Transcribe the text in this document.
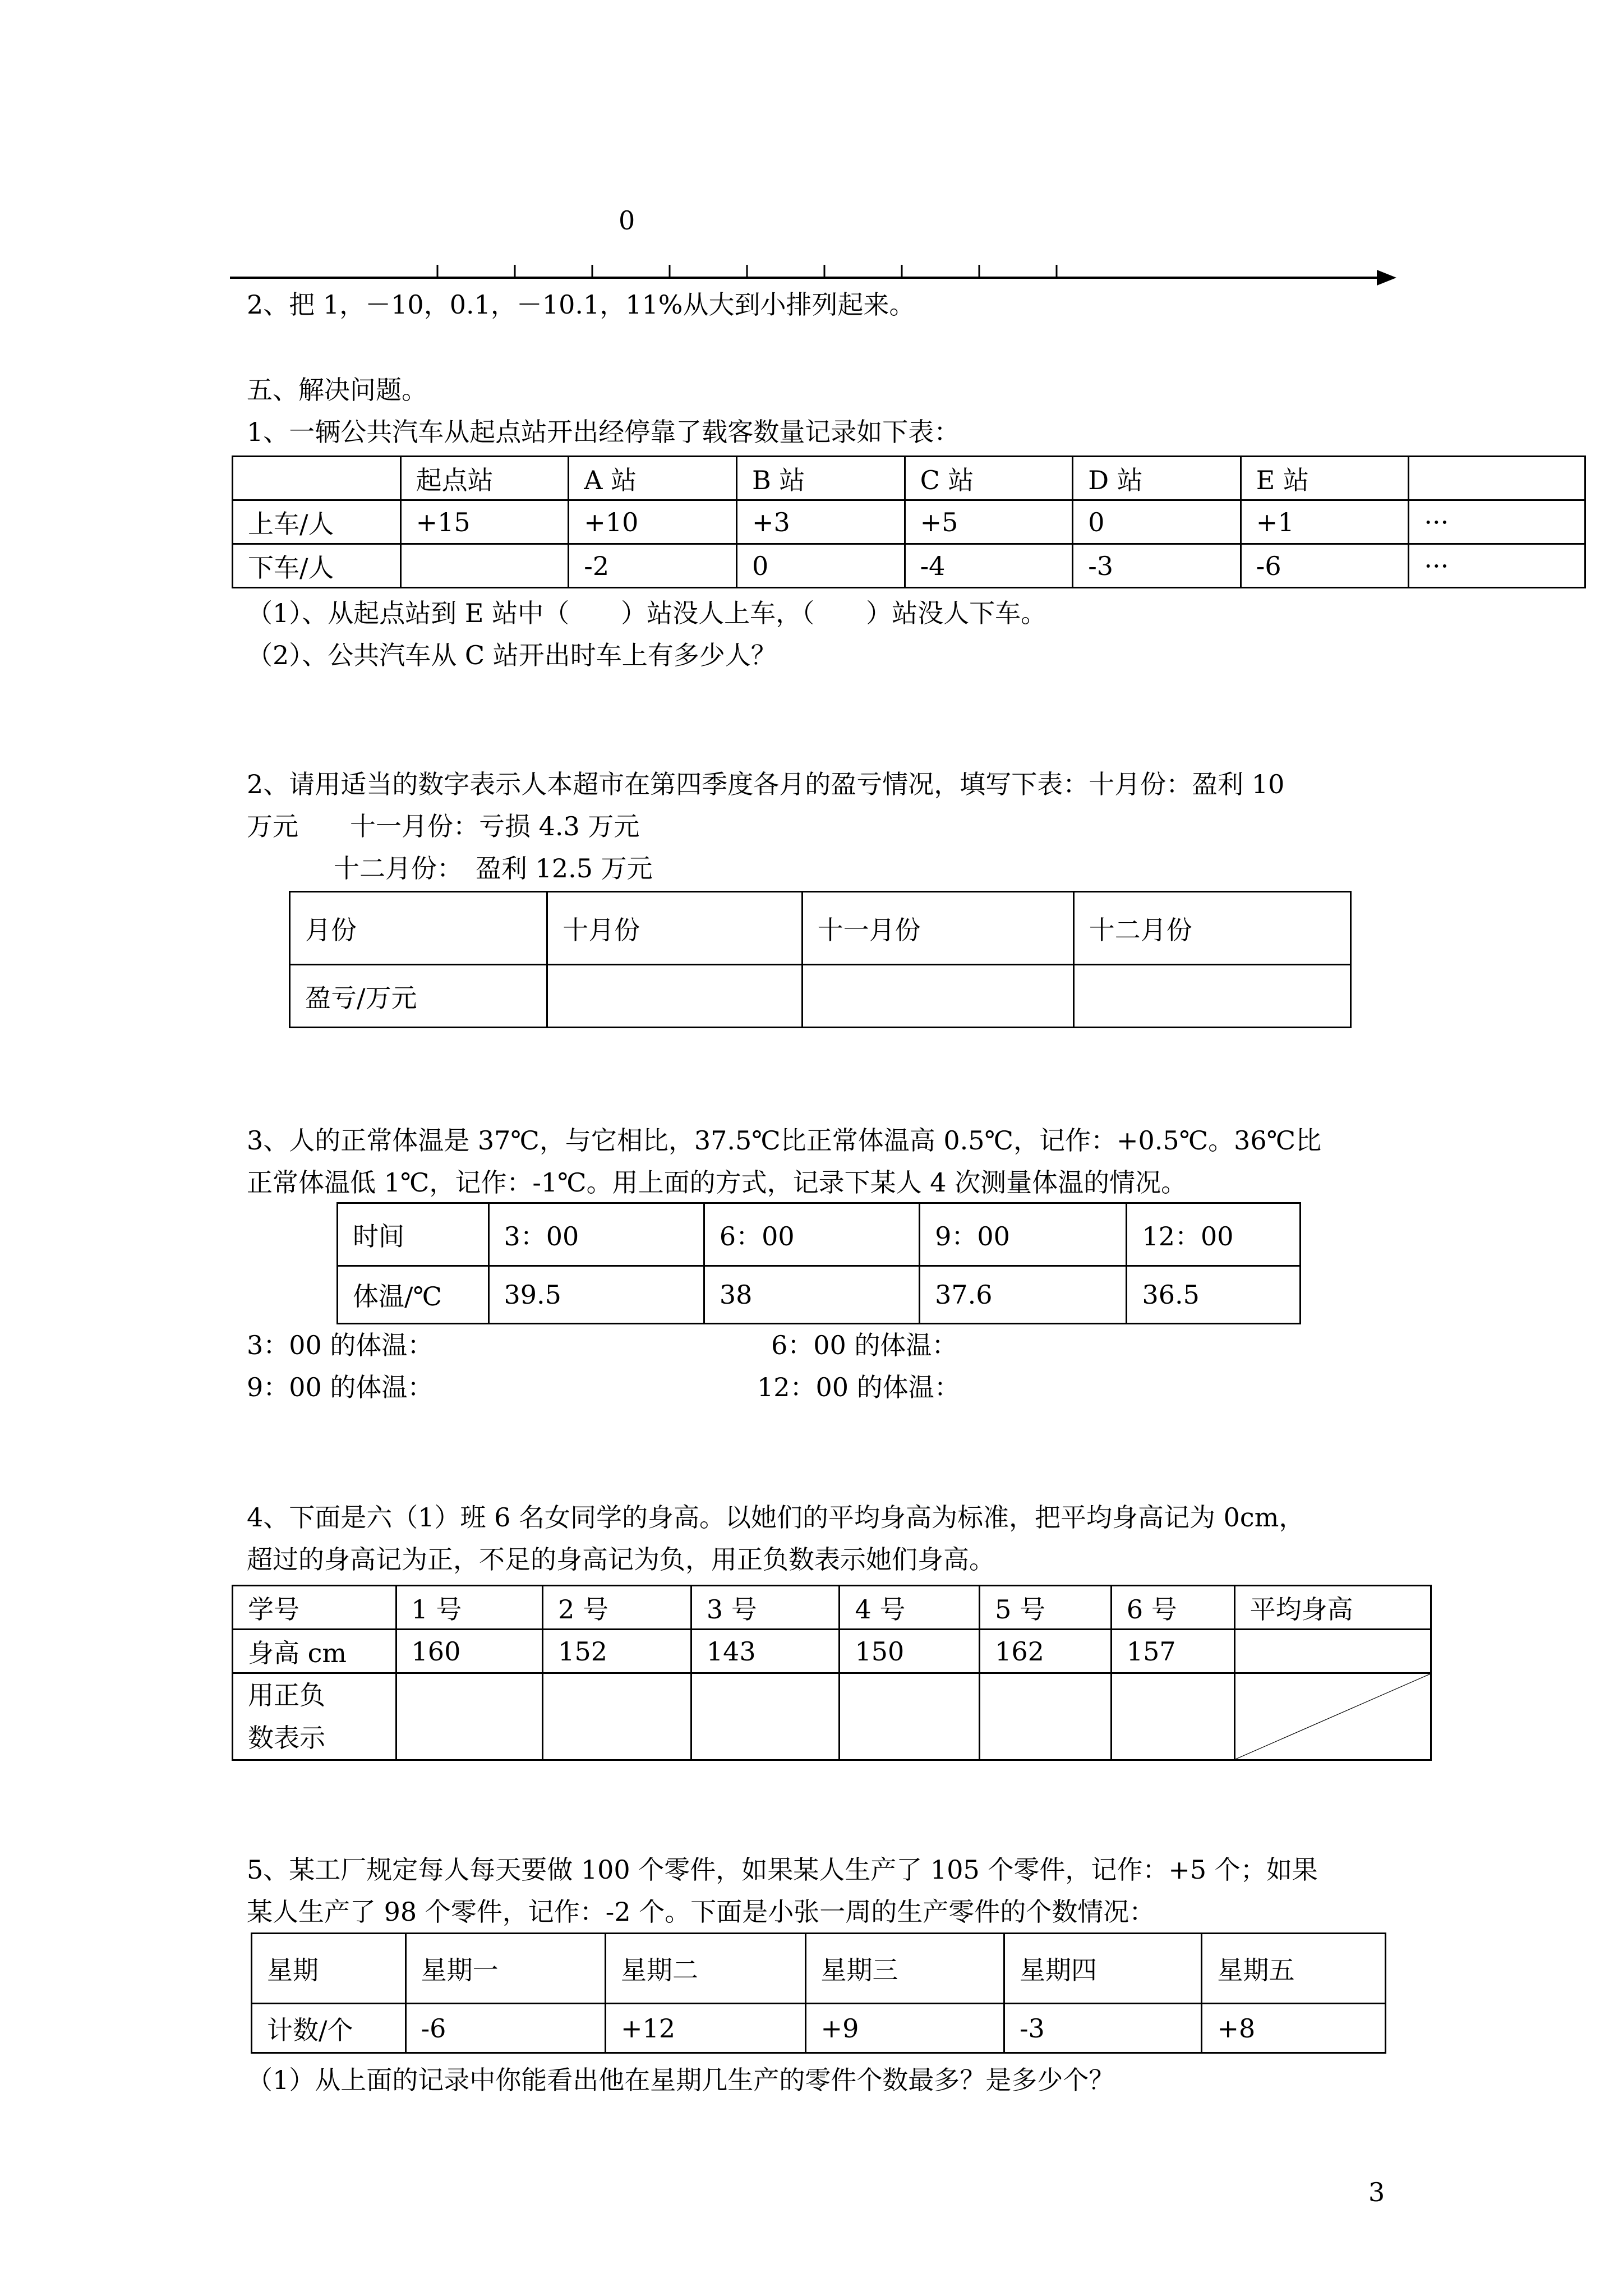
0
2、把 1，－10，0.1，－10.1，11%从大到小排列起来。
五、解决问题。
1、一辆公共汽车从起点站开出经停靠了载客数量记录如下表：
	起点站	A 站	B 站	C 站	D 站	E 站	
上车/人	+15	+10	+3	+5	0	+1	···
下车/人		-2	0	-4	-3	-6	···
（1）、从起点站到 E 站中（　　）站没人上车，（　　）站没人下车。
（2）、公共汽车从 C 站开出时车上有多少人？
2、请用适当的数字表示人本超市在第四季度各月的盈亏情况，填写下表：十月份：盈利 10
万元　　十一月份：亏损 4.3 万元
十二月份：　盈利 12.5 万元
月份	十月份	十一月份	十二月份
盈亏/万元			
3、人的正常体温是 37℃，与它相比，37.5℃比正常体温高 0.5℃，记作：+0.5℃。36℃比
正常体温低 1℃，记作：-1℃。用上面的方式，记录下某人 4 次测量体温的情况。
时间	3：00	6：00	9：00	12：00
体温/℃	39.5	38	37.6	36.5
3：00 的体温：	6：00 的体温：
9：00 的体温：	12：00 的体温：
4、下面是六（1）班 6 名女同学的身高。以她们的平均身高为标准，把平均身高记为 0cm，
超过的身高记为正，不足的身高记为负，用正负数表示她们身高。
学号	1 号	2 号	3 号	4 号	5 号	6 号	平均身高
身高 cm	160	152	143	150	162	157	
用正负
数表示							
5、某工厂规定每人每天要做 100 个零件，如果某人生产了 105 个零件，记作：+5 个；如果
某人生产了 98 个零件，记作：-2 个。下面是小张一周的生产零件的个数情况：
星期	星期一	星期二	星期三	星期四	星期五
计数/个	-6	+12	+9	-3	+8
（1）从上面的记录中你能看出他在星期几生产的零件个数最多？是多少个？
3
